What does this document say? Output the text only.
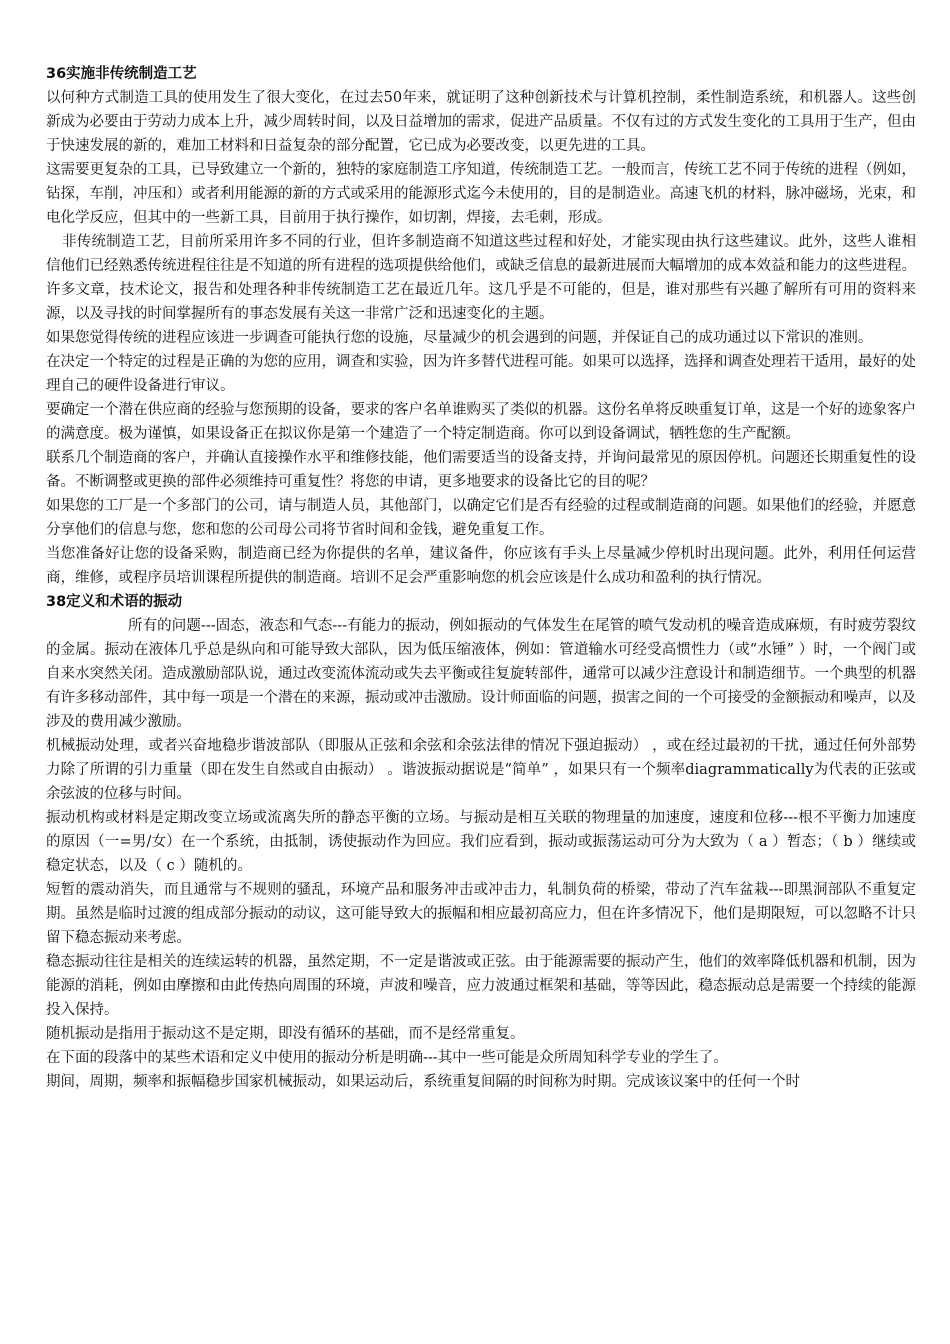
36实施非传统制造工艺

以何种方式制造工具的使用发生了很大变化，在过去50年来，就证明了这种创新技术与计算机控制，柔性制造系统，和机器人。这些创新成为必要由于劳动力成本上升，减少周转时间，以及日益增加的需求，促进产品质量。不仅有过的方式发生变化的工具用于生产，但由于快速发展的新的，难加工材料和日益复杂的部分配置，它已成为必要改变，以更先进的工具。

这需要更复杂的工具，已导致建立一个新的，独特的家庭制造工序知道，传统制造工艺。一般而言，传统工艺不同于传统的进程（例如，钻探，车削，冲压和）或者利用能源的新的方式或采用的能源形式迄今未使用的，目的是制造业。高速飞机的材料，脉冲磁场，光束，和电化学反应，但其中的一些新工具，目前用于执行操作，如切割，焊接，去毛刺，形成。

非传统制造工艺，目前所采用许多不同的行业，但许多制造商不知道这些过程和好处，才能实现由执行这些建议。此外，这些人谁相信他们已经熟悉传统进程往往是不知道的所有进程的选项提供给他们，或缺乏信息的最新进展而大幅增加的成本效益和能力的这些进程。

许多文章，技术论文，报告和处理各种非传统制造工艺在最近几年。这几乎是不可能的，但是，谁对那些有兴趣了解所有可用的资料来源，以及寻找的时间掌握所有的事态发展有关这一非常广泛和迅速变化的主题。

如果您觉得传统的进程应该进一步调查可能执行您的设施，尽量减少的机会遇到的问题，并保证自己的成功通过以下常识的准则。

在决定一个特定的过程是正确的为您的应用，调查和实验，因为许多替代进程可能。如果可以选择，选择和调查处理若干适用，最好的处理自己的硬件设备进行审议。

要确定一个潜在供应商的经验与您预期的设备，要求的客户名单谁购买了类似的机器。这份名单将反映重复订单，这是一个好的迹象客户的满意度。极为谨慎，如果设备正在拟议你是第一个建造了一个特定制造商。你可以到设备调试，牺牲您的生产配额。

联系几个制造商的客户，并确认直接操作水平和维修技能，他们需要适当的设备支持，并询问最常见的原因停机。问题还长期重复性的设备。不断调整或更换的部件必须维持可重复性？将您的申请，更多地要求的设备比它的目的呢？

如果您的工厂是一个多部门的公司，请与制造人员，其他部门，以确定它们是否有经验的过程或制造商的问题。如果他们的经验，并愿意分享他们的信息与您，您和您的公司母公司将节省时间和金钱，避免重复工作。

当您准备好让您的设备采购，制造商已经为你提供的名单，建议备件，你应该有手头上尽量减少停机时出现问题。此外，利用任何运营商，维修，或程序员培训课程所提供的制造商。培训不足会严重影响您的机会应该是什么成功和盈利的执行情况。

38定义和术语的振动

所有的问题---固态，液态和气态---有能力的振动，例如振动的气体发生在尾管的喷气发动机的噪音造成麻烦，有时疲劳裂纹的金属。振动在液体几乎总是纵向和可能导致大部队，因为低压缩液体，例如：管道输水可经受高惯性力（或“水锤” ）时，一个阀门或自来水突然关闭。造成激励部队说，通过改变流体流动或失去平衡或往复旋转部件，通常可以减少注意设计和制造细节。一个典型的机器有许多移动部件，其中每一项是一个潜在的来源，振动或冲击激励。设计师面临的问题，损害之间的一个可接受的金额振动和噪声，以及涉及的费用减少激励。

机械振动处理，或者兴奋地稳步谐波部队（即服从正弦和余弦和余弦法律的情况下强迫振动） ，或在经过最初的干扰，通过任何外部势力除了所谓的引力重量（即在发生自然或自由振动） 。谐波振动据说是“简单” ，如果只有一个频率diagrammatically为代表的正弦或余弦波的位移与时间。

振动机构或材料是定期改变立场或流离失所的静态平衡的立场。与振动是相互关联的物理量的加速度，速度和位移---根不平衡力加速度的原因（一=男/女）在一个系统，由抵制，诱使振动作为回应。我们应看到，振动或振荡运动可分为大致为（ a ）暂态；（ b ）继续或稳定状态，以及（ c ）随机的。

短暂的震动消失，而且通常与不规则的骚乱，环境产品和服务冲击或冲击力，轧制负荷的桥梁，带动了汽车盆栽---即黑洞部队不重复定期。虽然是临时过渡的组成部分振动的动议，这可能导致大的振幅和相应最初高应力，但在许多情况下，他们是期限短，可以忽略不计只留下稳态振动来考虑。

稳态振动往往是相关的连续运转的机器，虽然定期，不一定是谐波或正弦。由于能源需要的振动产生，他们的效率降低机器和机制，因为能源的消耗，例如由摩擦和由此传热向周围的环境，声波和噪音，应力波通过框架和基础，等等因此，稳态振动总是需要一个持续的能源投入保持。

随机振动是指用于振动这不是定期，即没有循环的基础，而不是经常重复。

在下面的段落中的某些术语和定义中使用的振动分析是明确---其中一些可能是众所周知科学专业的学生了。

期间，周期，频率和振幅稳步国家机械振动，如果运动后，系统重复间隔的时间称为时期。完成该议案中的任何一个时
